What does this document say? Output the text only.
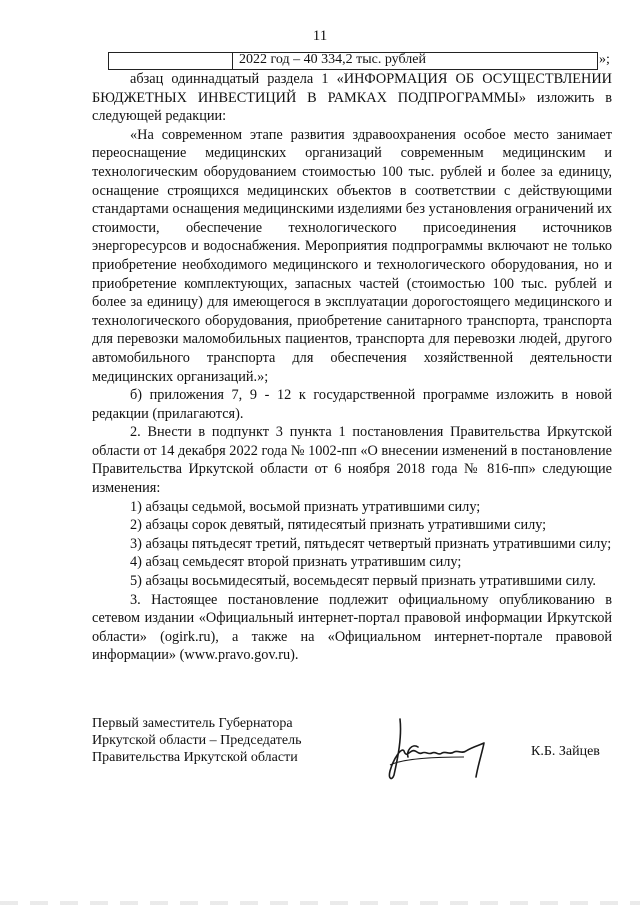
11
2022 год – 40 334,2 тыс. рублей	»;

абзац одиннадцатый раздела 1 «ИНФОРМАЦИЯ ОБ ОСУЩЕСТВЛЕНИИ БЮДЖЕТНЫХ ИНВЕСТИЦИЙ В РАМКАХ ПОДПРОГРАММЫ» изложить в следующей редакции:

«На современном этапе развития здравоохранения особое место занимает переоснащение медицинских организаций современным медицинским и технологическим оборудованием стоимостью 100 тыс. рублей и более за единицу, оснащение строящихся медицинских объектов в соответствии с действующими стандартами оснащения медицинскими изделиями без установления ограничений их стоимости, обеспечение технологического присоединения источников энергоресурсов и водоснабжения. Мероприятия подпрограммы включают не только приобретение необходимого медицинского и технологического оборудования, но и приобретение комплектующих, запасных частей (стоимостью 100 тыс. рублей и более за единицу) для имеющегося в эксплуатации дорогостоящего медицинского и технологического оборудования, приобретение санитарного транспорта, транспорта для перевозки маломобильных пациентов, транспорта для перевозки людей, другого автомобильного транспорта для обеспечения хозяйственной деятельности медицинских организаций.»;

б) приложения 7, 9 - 12 к государственной программе изложить в новой редакции (прилагаются).

2. Внести в подпункт 3 пункта 1 постановления Правительства Иркутской области от 14 декабря 2022 года № 1002-пп «О внесении изменений в постановление Правительства Иркутской области от 6 ноября 2018 года № 816-пп» следующие изменения:

1) абзацы седьмой, восьмой признать утратившими силу;

2) абзацы сорок девятый, пятидесятый признать утратившими силу;

3) абзацы пятьдесят третий, пятьдесят четвертый признать утратившими силу;

4) абзац семьдесят второй признать утратившим силу;

5) абзацы восьмидесятый, восемьдесят первый признать утратившими силу.

3. Настоящее постановление подлежит официальному опубликованию в сетевом издании «Официальный интернет-портал правовой информации Иркутской области» (ogirk.ru), а также на «Официальном интернет-портале правовой информации» (www.pravo.gov.ru).

Первый заместитель Губернатора
Иркутской области – Председатель
Правительства Иркутской области	К.Б. Зайцев
